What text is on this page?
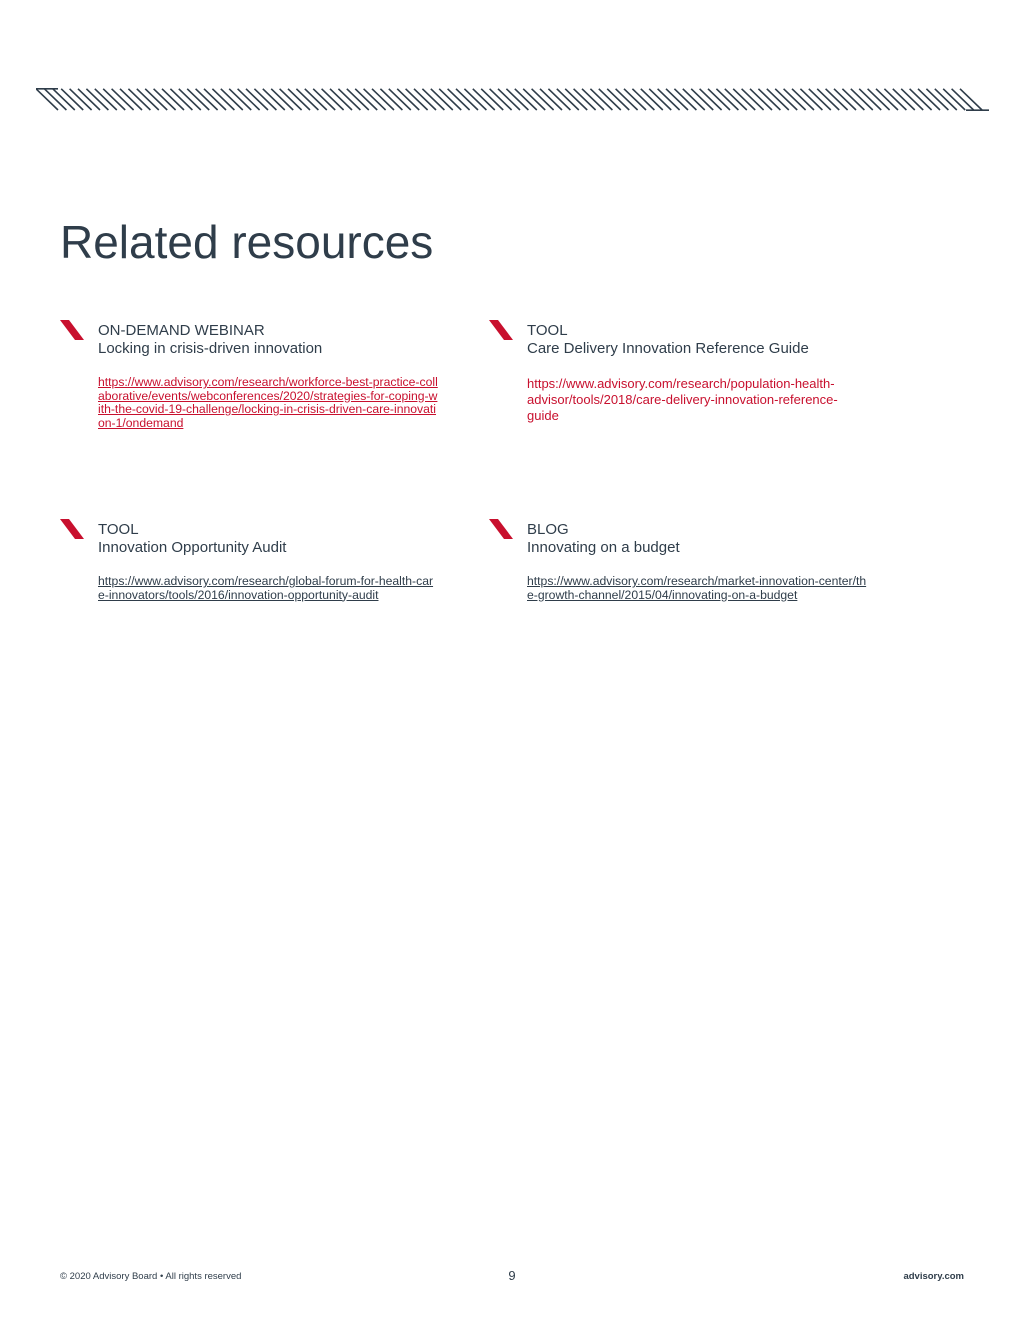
Related resources
ON-DEMAND WEBINAR
Locking in crisis-driven innovation
https://www.advisory.com/research/workforce-best-practice-collaborative/events/webconferences/2020/strategies-for-coping-with-the-covid-19-challenge/locking-in-crisis-driven-care-innovation-1/ondemand
TOOL
Care Delivery Innovation Reference Guide
https://www.advisory.com/research/population-health-advisor/tools/2018/care-delivery-innovation-reference-guide
TOOL
Innovation Opportunity Audit
https://www.advisory.com/research/global-forum-for-health-care-innovators/tools/2016/innovation-opportunity-audit
BLOG
Innovating on a budget
https://www.advisory.com/research/market-innovation-center/the-growth-channel/2015/04/innovating-on-a-budget
© 2020 Advisory Board • All rights reserved	9	advisory.com
